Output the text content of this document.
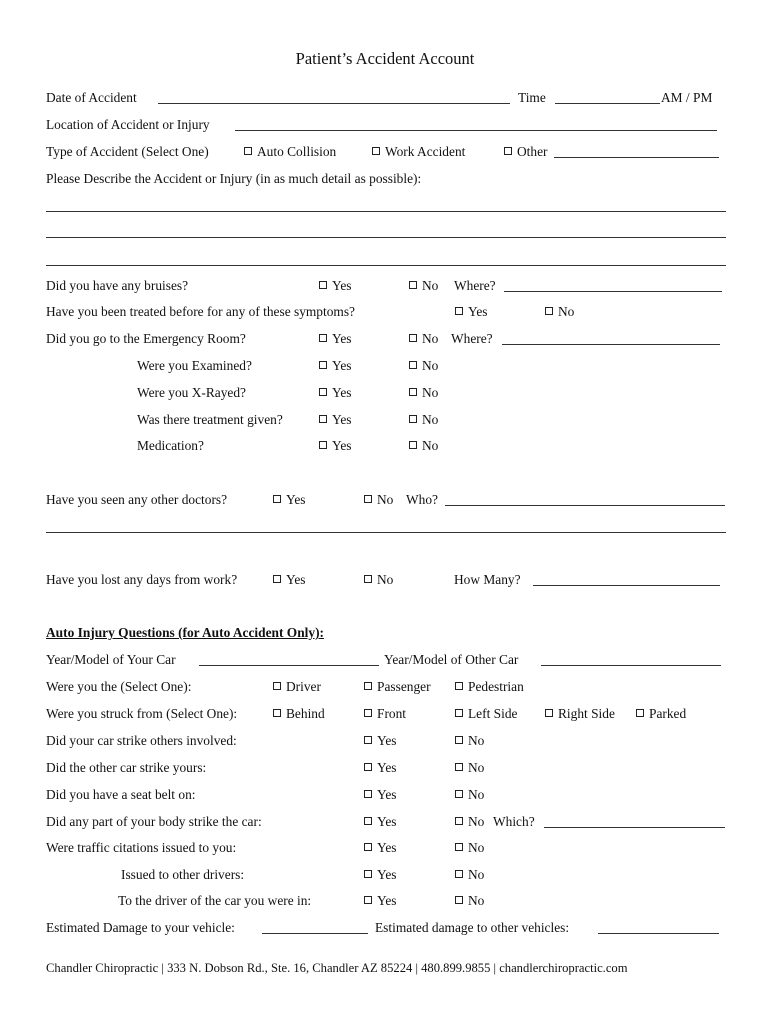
Patient’s Accident Account
Date of Accident	Time	AM / PM
Location of Accident or Injury
Type of Accident (Select One)	Auto Collision	Work Accident	Other
Please Describe the Accident or Injury (in as much detail as possible):
Did you have any bruises?	Yes	No Where?
Have you been treated before for any of these symptoms?	Yes	No
Did you go to the Emergency Room?	Yes	No Where?
Were you Examined?	Yes	No
Were you X-Rayed?	Yes	No
Was there treatment given?	Yes	No
Medication?	Yes	No
Have you seen any other doctors?	Yes	No Who?
Have you lost any days from work?	Yes	No	How Many?
Auto Injury Questions (for Auto Accident Only):
Year/Model of Your Car	Year/Model of Other Car
Were you the (Select One):	Driver	Passenger	Pedestrian
Were you struck from (Select One):	Behind	Front	Left Side	Right Side	Parked
Did your car strike others involved:	Yes	No
Did the other car strike yours:	Yes	No
Did you have a seat belt on:	Yes	No
Did any part of your body strike the car:	Yes	No Which?
Were traffic citations issued to you:	Yes	No
Issued to other drivers:	Yes	No
To the driver of the car you were in:	Yes	No
Estimated Damage to your vehicle:	Estimated damage to other vehicles:
Chandler Chiropractic | 333 N. Dobson Rd., Ste. 16, Chandler AZ 85224 | 480.899.9855 | chandlerchiropractic.com
